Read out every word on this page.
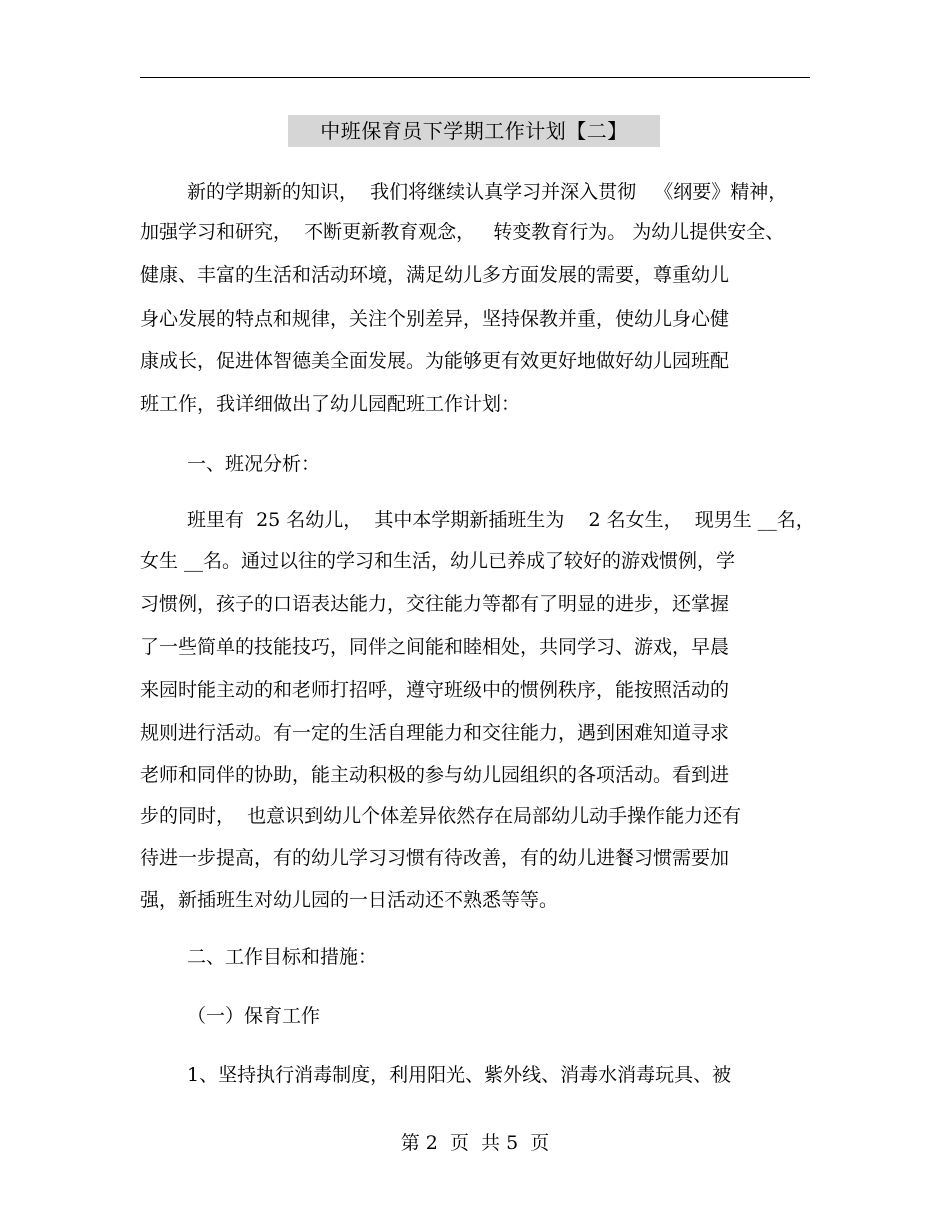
中班保育员下学期工作计划【二】
新的学期新的知识，  我们将继续认真学习并深入贯彻   《纲要》精神，
加强学习和研究，  不断更新教育观念，   转变教育行为。 为幼儿提供安全、
健康、丰富的生活和活动环境，满足幼儿多方面发展的需要，尊重幼儿
身心发展的特点和规律，关注个别差异，坚持保教并重，使幼儿身心健
康成长，促进体智德美全面发展。为能够更有效更好地做好幼儿园班配
班工作，我详细做出了幼儿园配班工作计划：
一、班况分析：
班里有  25 名幼儿，  其中本学期新插班生为    2 名女生，  现男生 __名，
女生 __名。通过以往的学习和生活，幼儿已养成了较好的游戏惯例，学
习惯例，孩子的口语表达能力，交往能力等都有了明显的进步，还掌握
了一些简单的技能技巧，同伴之间能和睦相处，共同学习、游戏，早晨
来园时能主动的和老师打招呼，遵守班级中的惯例秩序，能按照活动的
规则进行活动。有一定的生活自理能力和交往能力，遇到困难知道寻求
老师和同伴的协助，能主动积极的参与幼儿园组织的各项活动。看到进
步的同时，  也意识到幼儿个体差异依然存在局部幼儿动手操作能力还有
待进一步提高，有的幼儿学习习惯有待改善，有的幼儿进餐习惯需要加
强，新插班生对幼儿园的一日活动还不熟悉等等。
二、工作目标和措施：
（一）保育工作
1、坚持执行消毒制度，利用阳光、紫外线、消毒水消毒玩具、被
第 2  页  共 5  页
